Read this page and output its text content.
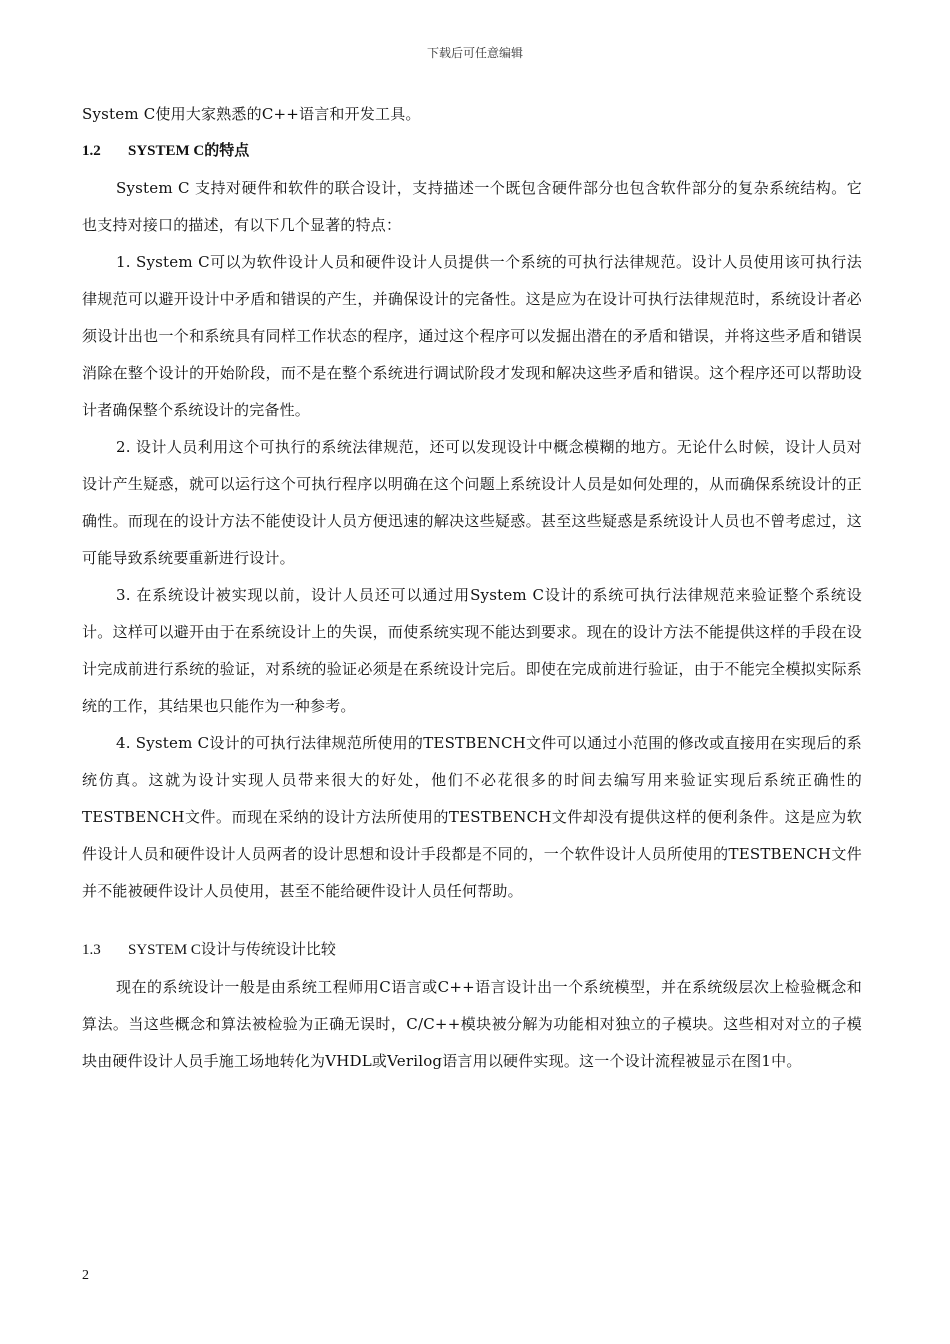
下载后可任意编辑

System C使用大家熟悉的C++语言和开发工具。

1.2 SYSTEM C的特点

System C 支持对硬件和软件的联合设计，支持描述一个既包含硬件部分也包含软件部分的复杂系统结构。它也支持对接口的描述，有以下几个显著的特点：

1. System C可以为软件设计人员和硬件设计人员提供一个系统的可执行法律规范。设计人员使用该可执行法律规范可以避开设计中矛盾和错误的产生，并确保设计的完备性。这是应为在设计可执行法律规范时，系统设计者必须设计出也一个和系统具有同样工作状态的程序，通过这个程序可以发掘出潜在的矛盾和错误，并将这些矛盾和错误消除在整个设计的开始阶段，而不是在整个系统进行调试阶段才发现和解决这些矛盾和错误。这个程序还可以帮助设计者确保整个系统设计的完备性。

2. 设计人员利用这个可执行的系统法律规范，还可以发现设计中概念模糊的地方。无论什么时候，设计人员对设计产生疑惑，就可以运行这个可执行程序以明确在这个问题上系统设计人员是如何处理的，从而确保系统设计的正确性。而现在的设计方法不能使设计人员方便迅速的解决这些疑惑。甚至这些疑惑是系统设计人员也不曾考虑过，这可能导致系统要重新进行设计。

3. 在系统设计被实现以前，设计人员还可以通过用System C设计的系统可执行法律规范来验证整个系统设计。这样可以避开由于在系统设计上的失误，而使系统实现不能达到要求。现在的设计方法不能提供这样的手段在设计完成前进行系统的验证，对系统的验证必须是在系统设计完后。即使在完成前进行验证，由于不能完全模拟实际系统的工作，其结果也只能作为一种参考。

4. System C设计的可执行法律规范所使用的TESTBENCH文件可以通过小范围的修改或直接用在实现后的系统仿真。这就为设计实现人员带来很大的好处，他们不必花很多的时间去编写用来验证实现后系统正确性的TESTBENCH文件。而现在采纳的设计方法所使用的TESTBENCH文件却没有提供这样的便利条件。这是应为软件设计人员和硬件设计人员两者的设计思想和设计手段都是不同的，一个软件设计人员所使用的TESTBENCH文件并不能被硬件设计人员使用，甚至不能给硬件设计人员任何帮助。

1.3 SYSTEM C设计与传统设计比较

现在的系统设计一般是由系统工程师用C语言或C++语言设计出一个系统模型，并在系统级层次上检验概念和算法。当这些概念和算法被检验为正确无误时，C/C++模块被分解为功能相对独立的子模块。这些相对对立的子模块由硬件设计人员手施工场地转化为VHDL或Verilog语言用以硬件实现。这一个设计流程被显示在图1中。

2
